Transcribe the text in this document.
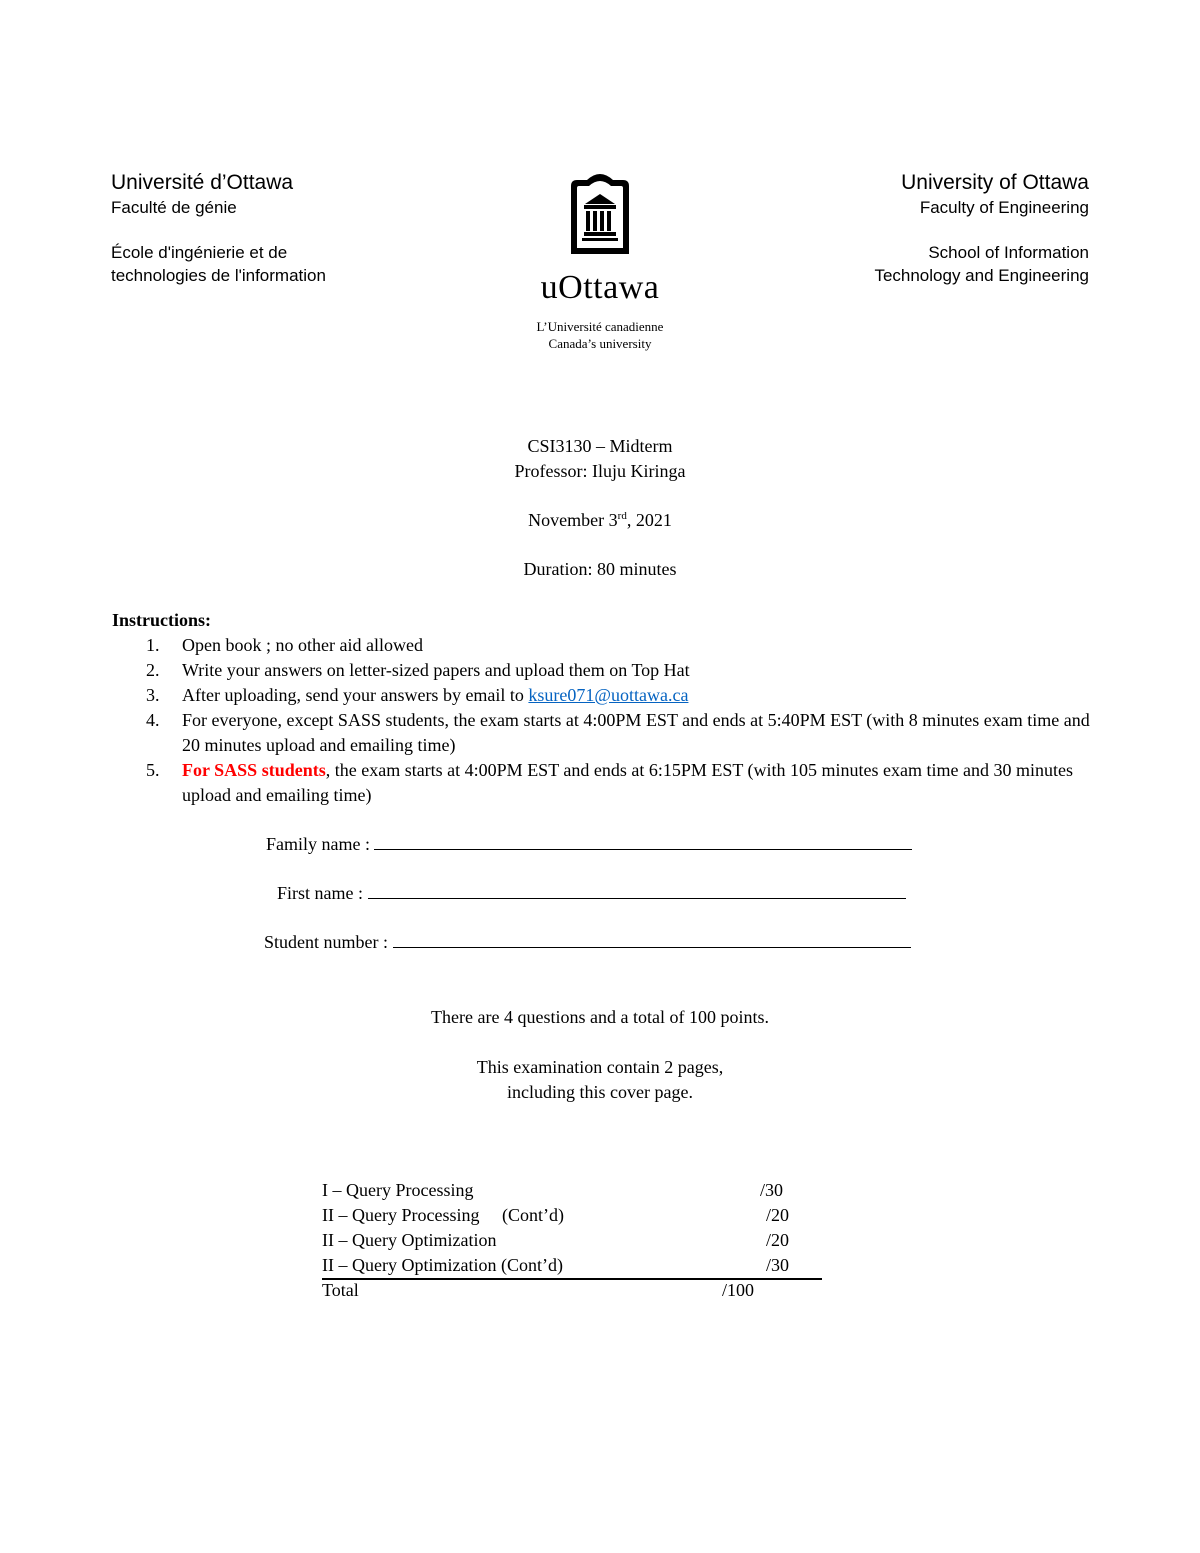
Université d’Ottawa
Faculté de génie
École d'ingénierie et de
technologies de l'information	uOttawa
L’Université canadienne
Canada’s university
University of Ottawa
Faculty of Engineering
School of Information
Technology and Engineering
CSI3130 – Midterm
Professor: Iluju Kiringa
November 3rd, 2021
Duration: 80 minutes
Instructions:
1. Open book ; no other aid allowed
2. Write your answers on letter-sized papers and upload them on Top Hat
3. After uploading, send your answers by email to ksure071@uottawa.ca
4. For everyone, except SASS students, the exam starts at 4:00PM EST and ends at 5:40PM EST (with 8 minutes exam time and 20 minutes upload and emailing time)
5. For SASS students, the exam starts at 4:00PM EST and ends at 6:15PM EST (with 105 minutes exam time and 30 minutes upload and emailing time)
Family name :
First name :
Student number :
There are 4 questions and a total of 100 points.
This examination contain 2 pages,
including this cover page.
I – Query Processing	/30
II – Query Processing     (Cont’d)	/20
II – Query Optimization	/20
II – Query Optimization (Cont’d)	/30
Total	/100
